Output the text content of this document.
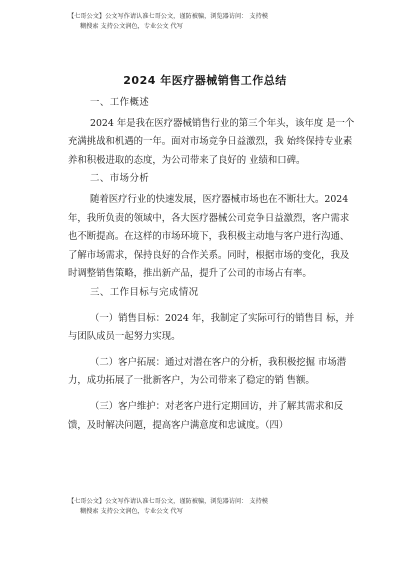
【七哥公文】公文写作请认准七哥公文，谨防被骗，浏览器访问： 支持模
糊搜索 支持公文润色，专业公文 代写
2024 年医疗器械销售工作总结

一、工作概述

2024 年是我在医疗器械销售行业的第三个年头，该年度 是一个充满挑战和机遇的一年。面对市场竞争日益激烈，我 始终保持专业素养和积极进取的态度，为公司带来了良好的 业绩和口碑。

二、市场分析

随着医疗行业的快速发展，医疗器械市场也在不断壮大。2024 年，我所负责的领域中，各大医疗器械公司竞争日益激烈，客户需求也不断提高。在这样的市场环境下，我积极主动地与客户进行沟通、了解市场需求，保持良好的合作关系。同时，根据市场的变化，我及时调整销售策略，推出新产品，提升了公司的市场占有率。

三、工作目标与完成情况

（一）销售目标：2024 年，我制定了实际可行的销售目 标，并与团队成员一起努力实现。

（二）客户拓展：通过对潜在客户的分析，我积极挖掘 市场潜力，成功拓展了一批新客户，为公司带来了稳定的销 售额。

（三）客户维护：对老客户进行定期回访，并了解其需求和反馈，及时解决问题，提高客户满意度和忠诚度。（四）

【七哥公文】公文写作请认准七哥公文，谨防被骗，浏览器访问： 支持模
糊搜索 支持公文润色，专业公文 代写
